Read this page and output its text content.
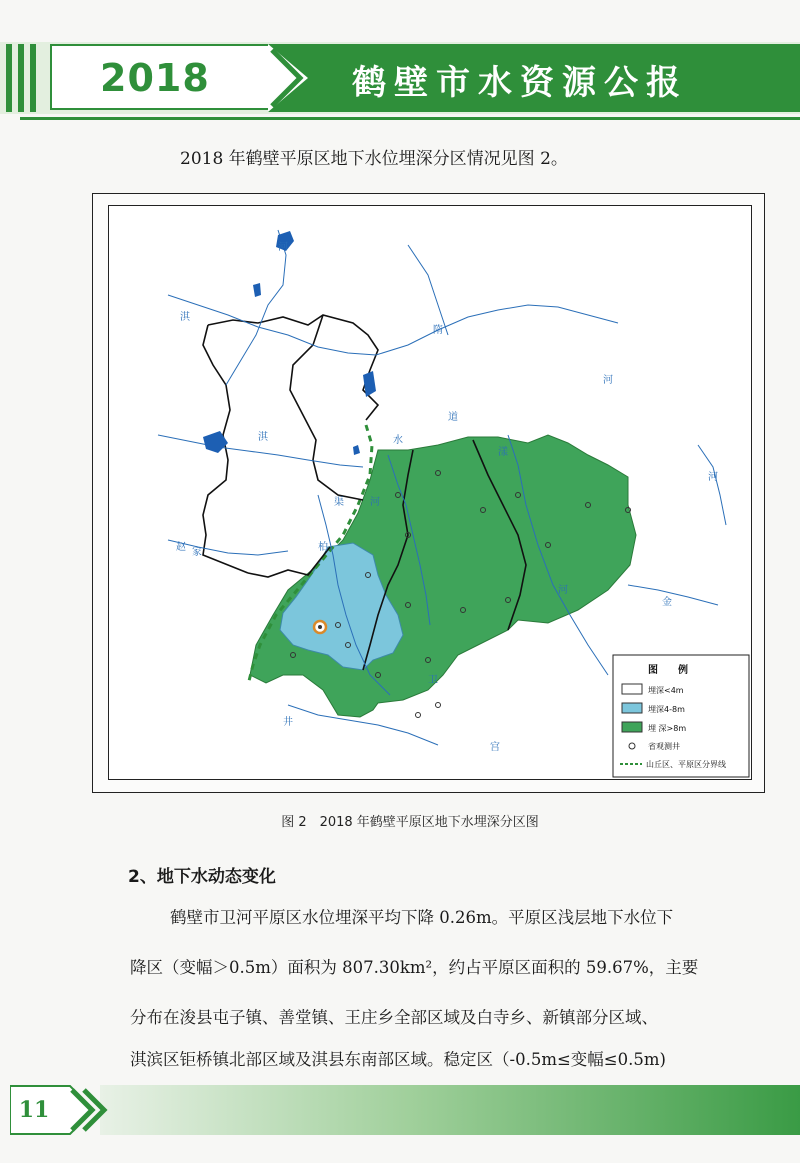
2018	鹤壁市水资源公报
2018 年鹤壁平原区地下水位埋深分区情况见图 2。
河
淇
水
淇
赵 家
渠	河
卫
宫
金
隋
柏
河
井
河
道
漾
河
图　　例
埋深<4m
埋深4-8m
埋 深>8m
省观测井
山丘区、平原区分界线
图 2　2018 年鹤壁平原区地下水埋深分区图
2、地下水动态变化
鹤壁市卫河平原区水位埋深平均下降 0.26m。平原区浅层地下水位下
降区（变幅＞0.5m）面积为 807.30km²，约占平原区面积的 59.67%，主要
分布在浚县屯子镇、善堂镇、王庄乡全部区域及白寺乡、新镇部分区域、
淇滨区钜桥镇北部区域及淇县东南部区域。稳定区（-0.5m≤变幅≤0.5m)
11
